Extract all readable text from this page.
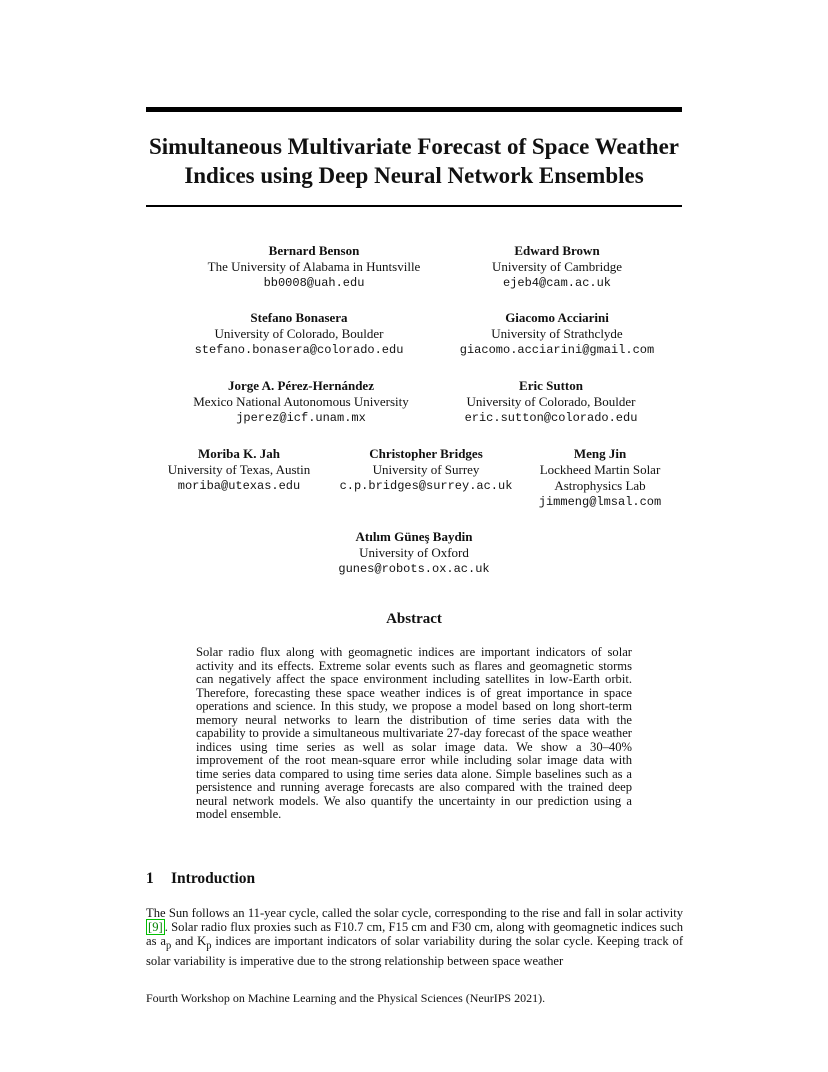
Simultaneous Multivariate Forecast of Space Weather
Indices using Deep Neural Network Ensembles
Bernard Benson
The University of Alabama in Huntsville
bb0008@uah.edu
Edward Brown
University of Cambridge
ejeb4@cam.ac.uk
Stefano Bonasera
University of Colorado, Boulder
stefano.bonasera@colorado.edu
Giacomo Acciarini
University of Strathclyde
giacomo.acciarini@gmail.com
Jorge A. Pérez-Hernández
Mexico National Autonomous University
jperez@icf.unam.mx
Eric Sutton
University of Colorado, Boulder
eric.sutton@colorado.edu
Moriba K. Jah
University of Texas, Austin
moriba@utexas.edu
Christopher Bridges
University of Surrey
c.p.bridges@surrey.ac.uk
Meng Jin
Lockheed Martin Solar
Astrophysics Lab
jimmeng@lmsal.com
Atılım Güneş Baydin
University of Oxford
gunes@robots.ox.ac.uk
Abstract

Solar radio flux along with geomagnetic indices are important indicators of solar activity and its effects. Extreme solar events such as flares and geomagnetic storms can negatively affect the space environment including satellites in low-Earth orbit. Therefore, forecasting these space weather indices is of great importance in space operations and science. In this study, we propose a model based on long short-term memory neural networks to learn the distribution of time series data with the capability to provide a simultaneous multivariate 27-day forecast of the space weather indices using time series as well as solar image data. We show a 30–40% improvement of the root mean-square error while including solar image data with time series data compared to using time series data alone. Simple baselines such as a persistence and running average forecasts are also compared with the trained deep neural network models. We also quantify the uncertainty in our prediction using a model ensemble.

1 Introduction

The Sun follows an 11-year cycle, called the solar cycle, corresponding to the rise and fall in solar activity [9] . Solar radio flux proxies such as F10.7 cm, F15 cm and F30 cm, along with geomagnetic indices such as $a_p$ and $K_p$ indices are important indicators of solar variability during the solar cycle. Keeping track of solar variability is imperative due to the strong relationship between space weather

Fourth Workshop on Machine Learning and the Physical Sciences (NeurIPS 2021).
